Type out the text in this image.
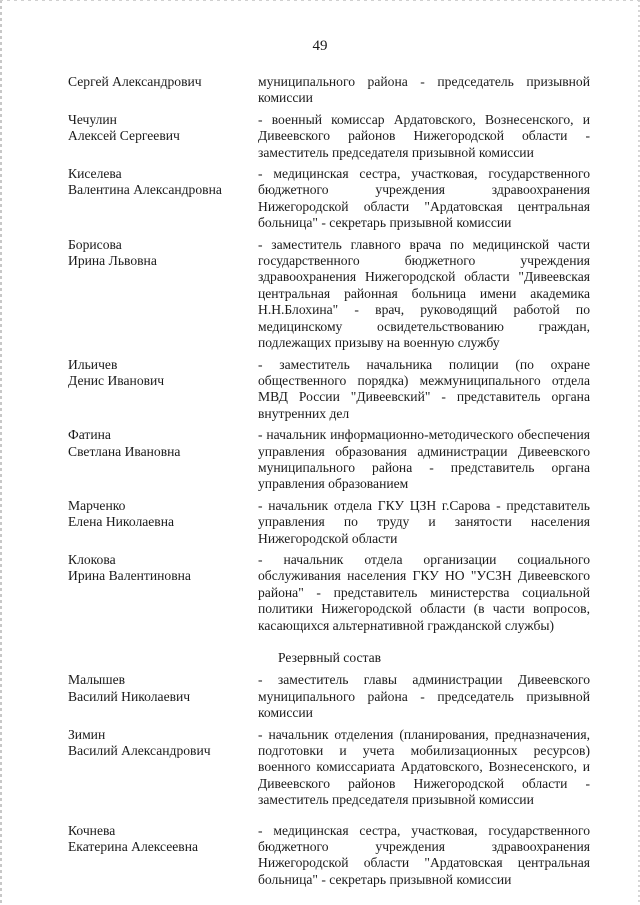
49
Сергей Александрович	муниципального района - председатель призывной комиссии
Чечулин
Алексей Сергеевич
- военный комиссар Ардатовского, Вознесенского, и Дивеевского районов Нижегородской области - заместитель председателя призывной комиссии
Киселева
Валентина Александровна
- медицинская сестра, участковая, государственного бюджетного учреждения здравоохранения Нижегородской области "Ардатовская центральная больница" - секретарь призывной комиссии
Борисова
Ирина Львовна
- заместитель главного врача по медицинской части государственного бюджетного учреждения здравоохранения Нижегородской области "Дивеевская центральная районная больница имени академика Н.Н.Блохина" - врач, руководящий работой по медицинскому освидетельствованию граждан, подлежащих призыву на военную службу
Ильичев
Денис Иванович
- заместитель начальника полиции (по охране общественного порядка) межмуниципального отдела МВД России "Дивеевский" - представитель органа внутренних дел
Фатина
Светлана Ивановна
- начальник информационно-методического обеспечения управления образования администрации Дивеевского муниципального района - представитель органа управления образованием
Марченко
Елена Николаевна
- начальник отдела ГКУ ЦЗН г.Сарова - представитель управления по труду и занятости населения Нижегородской области
Клокова
Ирина Валентиновна
- начальник отдела организации социального обслуживания населения ГКУ НО "УСЗН Дивеевского района" - представитель министерства социальной политики Нижегородской области (в части вопросов, касающихся альтернативной гражданской службы)
Резервный состав
Малышев
Василий Николаевич
- заместитель главы администрации Дивеевского муниципального района - председатель призывной комиссии
Зимин
Василий Александрович
- начальник отделения (планирования, предназначения, подготовки и учета мобилизационных ресурсов) военного комиссариата Ардатовского, Вознесенского, и Дивеевского районов Нижегородской области - заместитель председателя призывной комиссии
Кочнева
Екатерина Алексеевна
- медицинская сестра, участковая, государственного бюджетного учреждения здравоохранения Нижегородской области "Ардатовская центральная больница" - секретарь призывной комиссии
